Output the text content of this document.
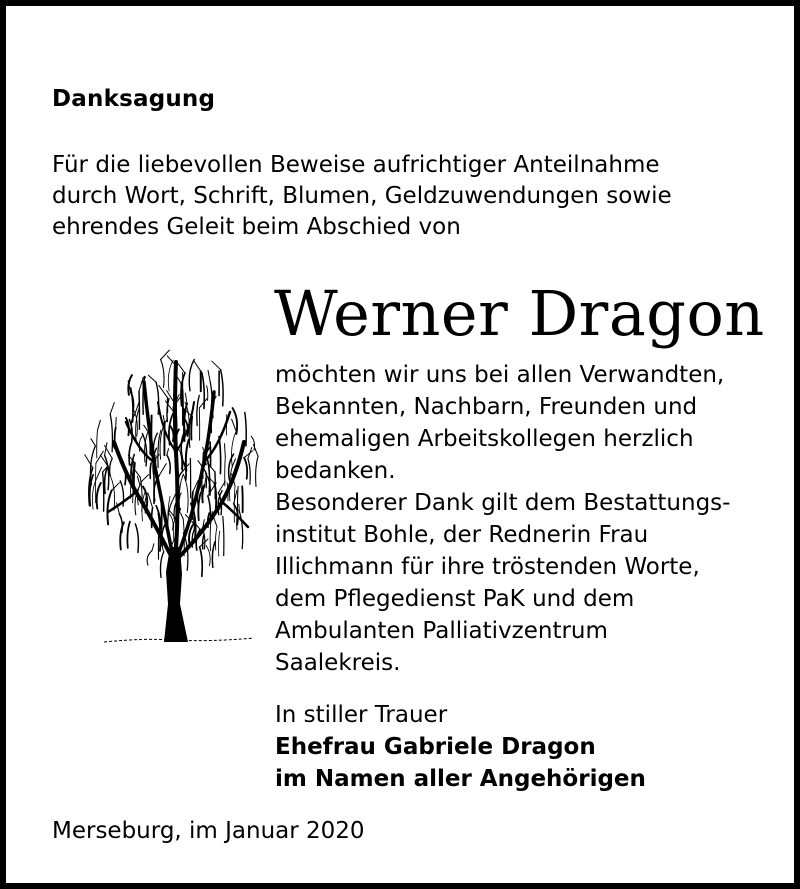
Danksagung
Für die liebevollen Beweise aufrichtiger Anteilnahme
durch Wort, Schrift, Blumen, Geldzuwendungen sowie
ehrendes Geleit beim Abschied von
Werner Dragon
möchten wir uns bei allen Verwandten,
Bekannten, Nachbarn, Freunden und
ehemaligen Arbeitskollegen herzlich
bedanken.
Besonderer Dank gilt dem Bestattungs-
institut Bohle, der Rednerin Frau
Illichmann für ihre tröstenden Worte,
dem Pflegedienst PaK und dem
Ambulanten Palliativzentrum
Saalekreis.
In stiller Trauer
Ehefrau Gabriele Dragon
im Namen aller Angehörigen
Merseburg, im Januar 2020
